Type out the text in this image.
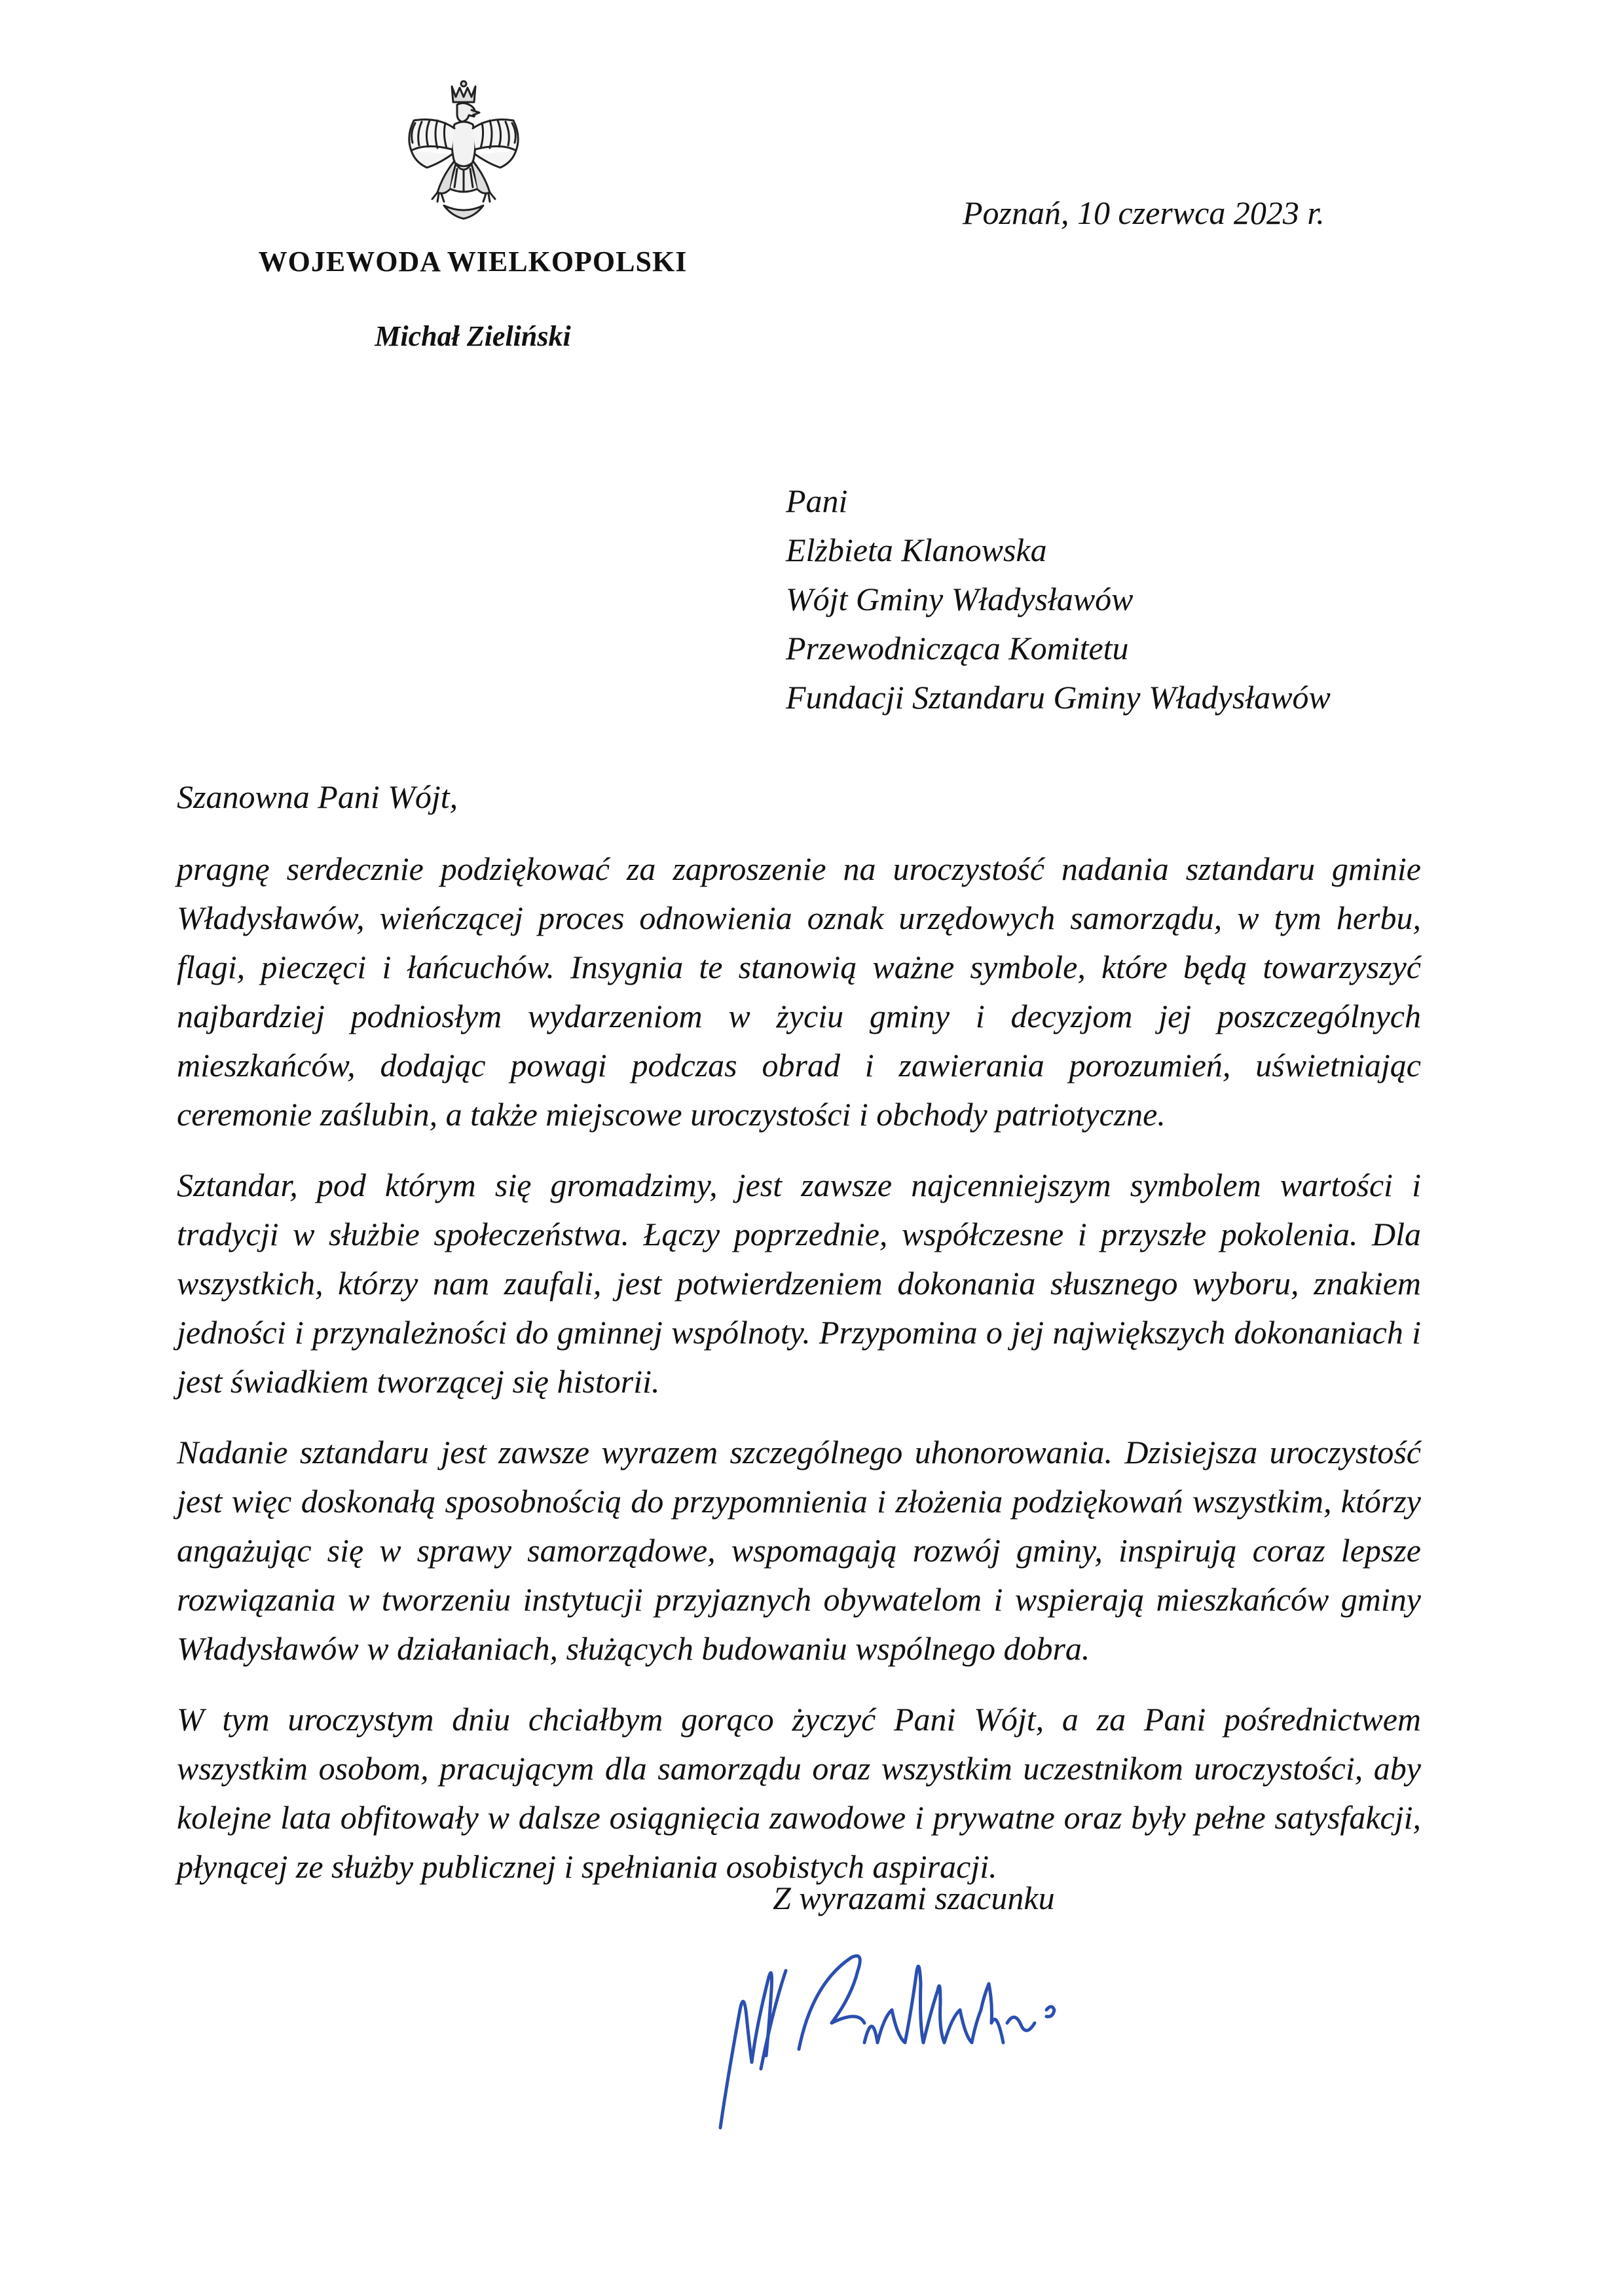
WOJEWODA WIELKOPOLSKI
Michał Zieliński
Poznań, 10 czerwca 2023 r.
Pani
Elżbieta Klanowska
Wójt Gminy Władysławów
Przewodnicząca Komitetu
Fundacji Sztandaru Gminy Władysławów
Szanowna Pani Wójt,

pragnę serdecznie podziękować za zaproszenie na uroczystość nadania sztandaru gminie Władysławów, wieńczącej proces odnowienia oznak urzędowych samorządu, w tym herbu, flagi, pieczęci i łańcuchów. Insygnia te stanowią ważne symbole, które będą towarzyszyć najbardziej podniosłym wydarzeniom w życiu gminy i decyzjom jej poszczególnych mieszkańców, dodając powagi podczas obrad i zawierania porozumień, uświetniając ceremonie zaślubin, a także miejscowe uroczystości i obchody patriotyczne.

Sztandar, pod którym się gromadzimy, jest zawsze najcenniejszym symbolem wartości i tradycji w służbie społeczeństwa. Łączy poprzednie, współczesne i przyszłe pokolenia. Dla wszystkich, którzy nam zaufali, jest potwierdzeniem dokonania słusznego wyboru, znakiem jedności i przynależności do gminnej wspólnoty. Przypomina o jej największych dokonaniach i jest świadkiem tworzącej się historii.

Nadanie sztandaru jest zawsze wyrazem szczególnego uhonorowania. Dzisiejsza uroczystość jest więc doskonałą sposobnością do przypomnienia i złożenia podziękowań wszystkim, którzy angażując się w sprawy samorządowe, wspomagają rozwój gminy, inspirują coraz lepsze rozwiązania w tworzeniu instytucji przyjaznych obywatelom i wspierają mieszkańców gminy Władysławów w działaniach, służących budowaniu wspólnego dobra.

W tym uroczystym dniu chciałbym gorąco życzyć Pani Wójt, a za Pani pośrednictwem wszystkim osobom, pracującym dla samorządu oraz wszystkim uczestnikom uroczystości, aby kolejne lata obfitowały w dalsze osiągnięcia zawodowe i prywatne oraz były pełne satysfakcji, płynącej ze służby publicznej i spełniania osobistych aspiracji.

Z wyrazami szacunku
